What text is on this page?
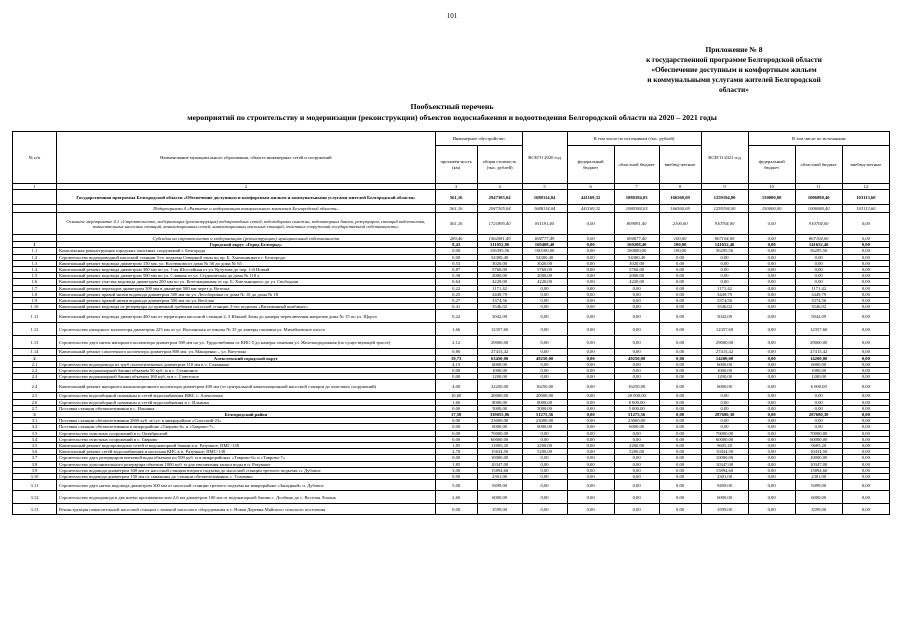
101
Приложение № 8
к государственной программе Белгородской области
«Обеспечение доступным и комфортным жильем
и коммунальными услугами жителей Белгородской
области»
Пообъектный перечень
мероприятий по строительству и модернизации (реконструкции) объектов водоснабжения и водоотведения Белгородской области на 2020 – 2021 годы
№ п/п	Наименование муниципального образования, объекта инженерных сетей и сооружений	Инженерное обустройство		ВСЕГО 2020 год	В том числе по источникам (тыс. рублей)			ВСЕГО 2021 год	В том числе по источникам		
		протяжён-ность (км)	общая стоимость (тыс. рублей)		федеральный бюджет	областной бюджет	внебюд-жетные		федеральный бюджет	областной бюджет	внебюд-жетные
1	2	3	4	5	6	7	8	9	10	11	12
	Государственная программа Белгородской области «Обеспечение доступным и комфортным жильем и коммунальными услугами жителей Белгородской области»	561,16	2947305,04	1688114,04	441169,32	1080384,03	166560,69	1259194,00	150000,00	1006080,40	103113,60
	Подпрограмма 4 «Развитие и модернизация коммунального комплекса Белгородской области»	561,16	2947305,04	1688114,04	441169,32	1080384,03	166560,69	1259194,00	150000,00	1006080,40	103113,60
	Основное мероприятие 4.1 «Строительство, модернизация (реконструкция) водопроводных сетей, водозаборных скважин, водонапорных башен, резервуаров, станций водоочистки, повысительных насосных станций, канализационных сетей, канализационных насосных станций, очистных сооружений государственной собственности»	561,16	1721895,40	811191,40	0,00	809091,40	2100,00	910704,00	0,00	910704,00	0,00
	Субсидии на строительство и модернизацию (реконструкцию) муниципальной собственности	280,46	1562081,49	694777,49	0,00	694677,40	100,00	867104,00	0,00	867104,00	0,00
1	Городской округ «Город Белгород»	8,43	311052,86	169408,40	0,00	169208,40	100,00	141652,46	0,00	141652,46	0,00
1.1	Комплексная реконструкция городских очистных сооружений г. Белгорода	0,00	156395,56	100100,00	0,00	100000,00	100,00	56295,56	0,00	56295,56	0,00
1.2	Строительство водопроводной насосной станции 3-го подъема Северной зоны по пр. Б. Хмельницкого г. Белгорода	0,00	54300,40	54300,40	0,00	54300,40	0,00	0,00	0,00	0,00	0,00
1.3	Капитальный ремонт водовода диаметром 150 мм. ул. Костюкова от дома № 36 до дома № 65	0,53	3020,00	3020,00	0,00	3020,00	0,00	0,00	0,00	0,00	0,00
1.4	Капитальный ремонт водовода диаметром 300 мм по ул. 1-ая Шоссейная от ул. Кутузова до пер. 1-й Новый	0,87	5760,00	5760,00	0,00	5760,00	0,00	0,00	0,00	0,00	0,00
1.5	Капитальный ремонт водовода диаметром 500 мм по ул. Славная от ул. Студенческая до дома № 118 а	0,38	2000,00	2000,00	0,00	2000,00	0,00	0,00	0,00	0,00	0,00
1.6	Капитальный ремонт участка водовода диаметром 200 мм по ул. Котельщиковая от пр. Б. Хмельницкого до ул. Свободная	0,64	4220,00	4220,00	0,00	4220,00	0,00	0,00	0,00	0,00	0,00
1.7	Капитальный ремонт переходов диаметром 300 мм в диаметре 500 мм через р. Везелка	0,22	1171,42	0,00	0,00	0,00	0,00	1171,42	0,00	1171,42	0,00
1.8	Капитальный ремонт правой нитки водовода диаметром 500 мм по ул. Лесоборовка от дома № 10 до дома № 18	0,25	3449,79	0,00	0,00	0,00	0,00	3449,79	0,00	3449,79	0,00
1.9	Капитальный ремонт правой нитки водовода диаметром 500 мм по ул. Весёлая	0,27	3374,56	0,00	0,00	0,00	0,00	3374,56	0,00	3374,56	0,00
1.10	Капитальный ремонт водовода от резервуара до приемной гребенки насосной станции 3-его подъема «Витаминный комбинат»	0,41	3546,02	0,00	0,00	0,00	0,00	3546,02	0,00	3546,02	0,00
1.11	Капитальный ремонт водовода диаметром 400 мм от территории насосной станции 2, 3 Южной Зоны до камеры переключения напротив дома № 15 по ул. Щорса	0,22	3042,09	0,00	0,00	0,00	0,00	5042,09	0,00	5042,09	0,00
1.12	Строительство напорного коллектора диаметром 225 мм от ул. Волчанская от школы № 35 до камеры гашения ул. Михайловское шоссе	1,66	12357,60	0,00	0,00	0,00	0,00	12357,60	0,00	12357,60	0,00
1.13	Строительство двух ниток напорного коллектора диаметром 500 мм по ул. Трудолюбивая от КНС-5 до камеры гашения ул. Железнодорожная (по существующей трассе)	2,12	29000,00	0,00	0,00	0,00	0,00	29000,00	0,00	29000,00	0,00
1.14	Капитальный ремонт самотечного коллектора диаметром 800 мм, ул. Макаренко – ул. Ватутина	0,86	27415,42	0,00	0,00	0,00	0,00	27415,42	0,00	27415,42	0,00
2	Алексеевский городской округ	19,73	63450,00	49250,00	0,00	49250,00	0,00	14200,00	0,00	14200,00	0,00
2.1	Строительство водопровода из труб полиэтиленовых диаметром 110 мм в с. Славяноке	4,13	6000,00	0,00	0,00	0,00	0,00	6000,00	0,00	6000,00	0,00
2.2	Строительство водонапорной башни объемом 50 куб. м в с. Станичное	0,00	1000,00	0,00	0,00	0,00	0,00	1000,00	0,00	1000,00	0,00
2.3	Строительство водонапорной башни объемом 160 куб. м в с. Советское	0,00	1200,00	0,00	0,00	0,00	0,00	1200,00	0,00	1200,00	0,00
2.4	Капитальный ремонт напорного канализационного коллектора диаметром 400 мм (от центральной канализационной насосной станции до очистных сооружений)	4,00	22250,00	16250,00	0,00	16250,00	0,00	6000,00	0,00	6 000,00	0,00
2.5	Строительство водозаборной скважины и сетей водоснабжения ИЖС с. Алексеевка	10,00	20000,00	20000,00	0,00	20 000,00	0,00	0,00	0,00	0,00	0,00
2.6	Строительство водозаборной скважины и сетей водоснабжения в с. Ильинка	1,60	8000,00	8000,00	0,00	8 000,00	0,00	0,00	0,00	0,00	0,00
2.7	Поставка станции обезжелезивания в с. Ильинка	0,00	5000,00	5000,00	0,00	5 000,00	0,00	0,00	0,00	0,00	0,00
3	Белгородский район	17,58	339055,86	51275,56	0,00	51275,56	0,00	287680,30	0,00	287680,30	0,00
3.1	Поставка станции обезжелезивания 2800 куб. м/сут. в микрорайоне «Спасский-23»	0,00	23000,00	23000,00	0,00	23000,00	0,00	0,00	0,00	0,00	0,00
3.2	Поставка станции обезжелезивания в микрорайоне «Таврово-6» и «Таврово-7»	0,00	6000,00	6000,00	0,00	6000,00	0,00	0,00	0,00	0,00	0,00
3.3	Строительство очистных сооружений в п. Октябрьский	0,00	70000,00	0,00	0,00	0,00	0,00	70000,00	0,00	70000,00	0,00
3.4	Строительство очистных сооружений в с. Таврово	0,00	60000,00	0,00	0,00	0,00	0,00	60000,00	0,00	60000,00	0,00
3.5	Капитальный ремонт водопроводных сетей и водонапорной башни в п. Разумное, ПМС-138	1,85	11805,20	2200,00	0,00	2200,00	0,00	9605,20	0,00	9605,20	0,00
3.6	Капитальный ремонт сетей водоснабжения и насосная КНС в п. Разумное, ПМС-138	2,78	15634,50	5200,00	0,00	5200,00	0,00	10434,50	0,00	10434,50	0,00
3.7	Строительство двух резервуаров питьевой воды объемом по 500 куб. м в микрорайонах «Таврово-6» и «Таврово-7»	0,00	10000,00	0,00	0,00	0,00	0,00	10000,00	0,00	10000,00	0,00
3.8	Строительство дополнительного резервуара объемом 1000 куб. м для увеличения запаса воды в п. Разумное	1,85	10347,00	0,00	0,00	0,00	0,00	10347,00	0,00	10347,00	0,00
3.9	Строительство водовода диаметром 300 мм от насосной станции второго подъема до насосной станции третьего подъема, п. Дубовое	3,00	15894,60	0,00	0,00	0,00	0,00	15894,60	0,00	15894,60	0,00
3.10	Строительство водовода диаметром 150 мм от скважины до станции обезжелезивания, с. Головино	0,90	2301,00	0,00	0,00	0,00	0,00	2301,00	0,00	2301,00	0,00
3.11	Строительство двух ниток водовода диаметром 300 мм от насосной станции третьего подъема на микрорайоне «Западный» п. Дубовое	5,00	9499,00	0,00	0,00	0,00	0,00	9499,00	0,00	9499,00	0,00
3.12	Строительство водопровода в две нитки протяженностью 2,6 км диаметром 100 мм от водонапорной башни с. Долбино до с. Веселая Лопань	2,60	6000,00	0,00	0,00	0,00	0,00	6000,00	0,00	6000,00	0,00
3.13	Реконструкция повысительной насосной станции с заменой насосного оборудования в с. Новая Деревня Майского сельского поселения	0,00	3599,00	0,00	0,00	0,00	0,00	3599,00	0,00	3599,00	0,00
